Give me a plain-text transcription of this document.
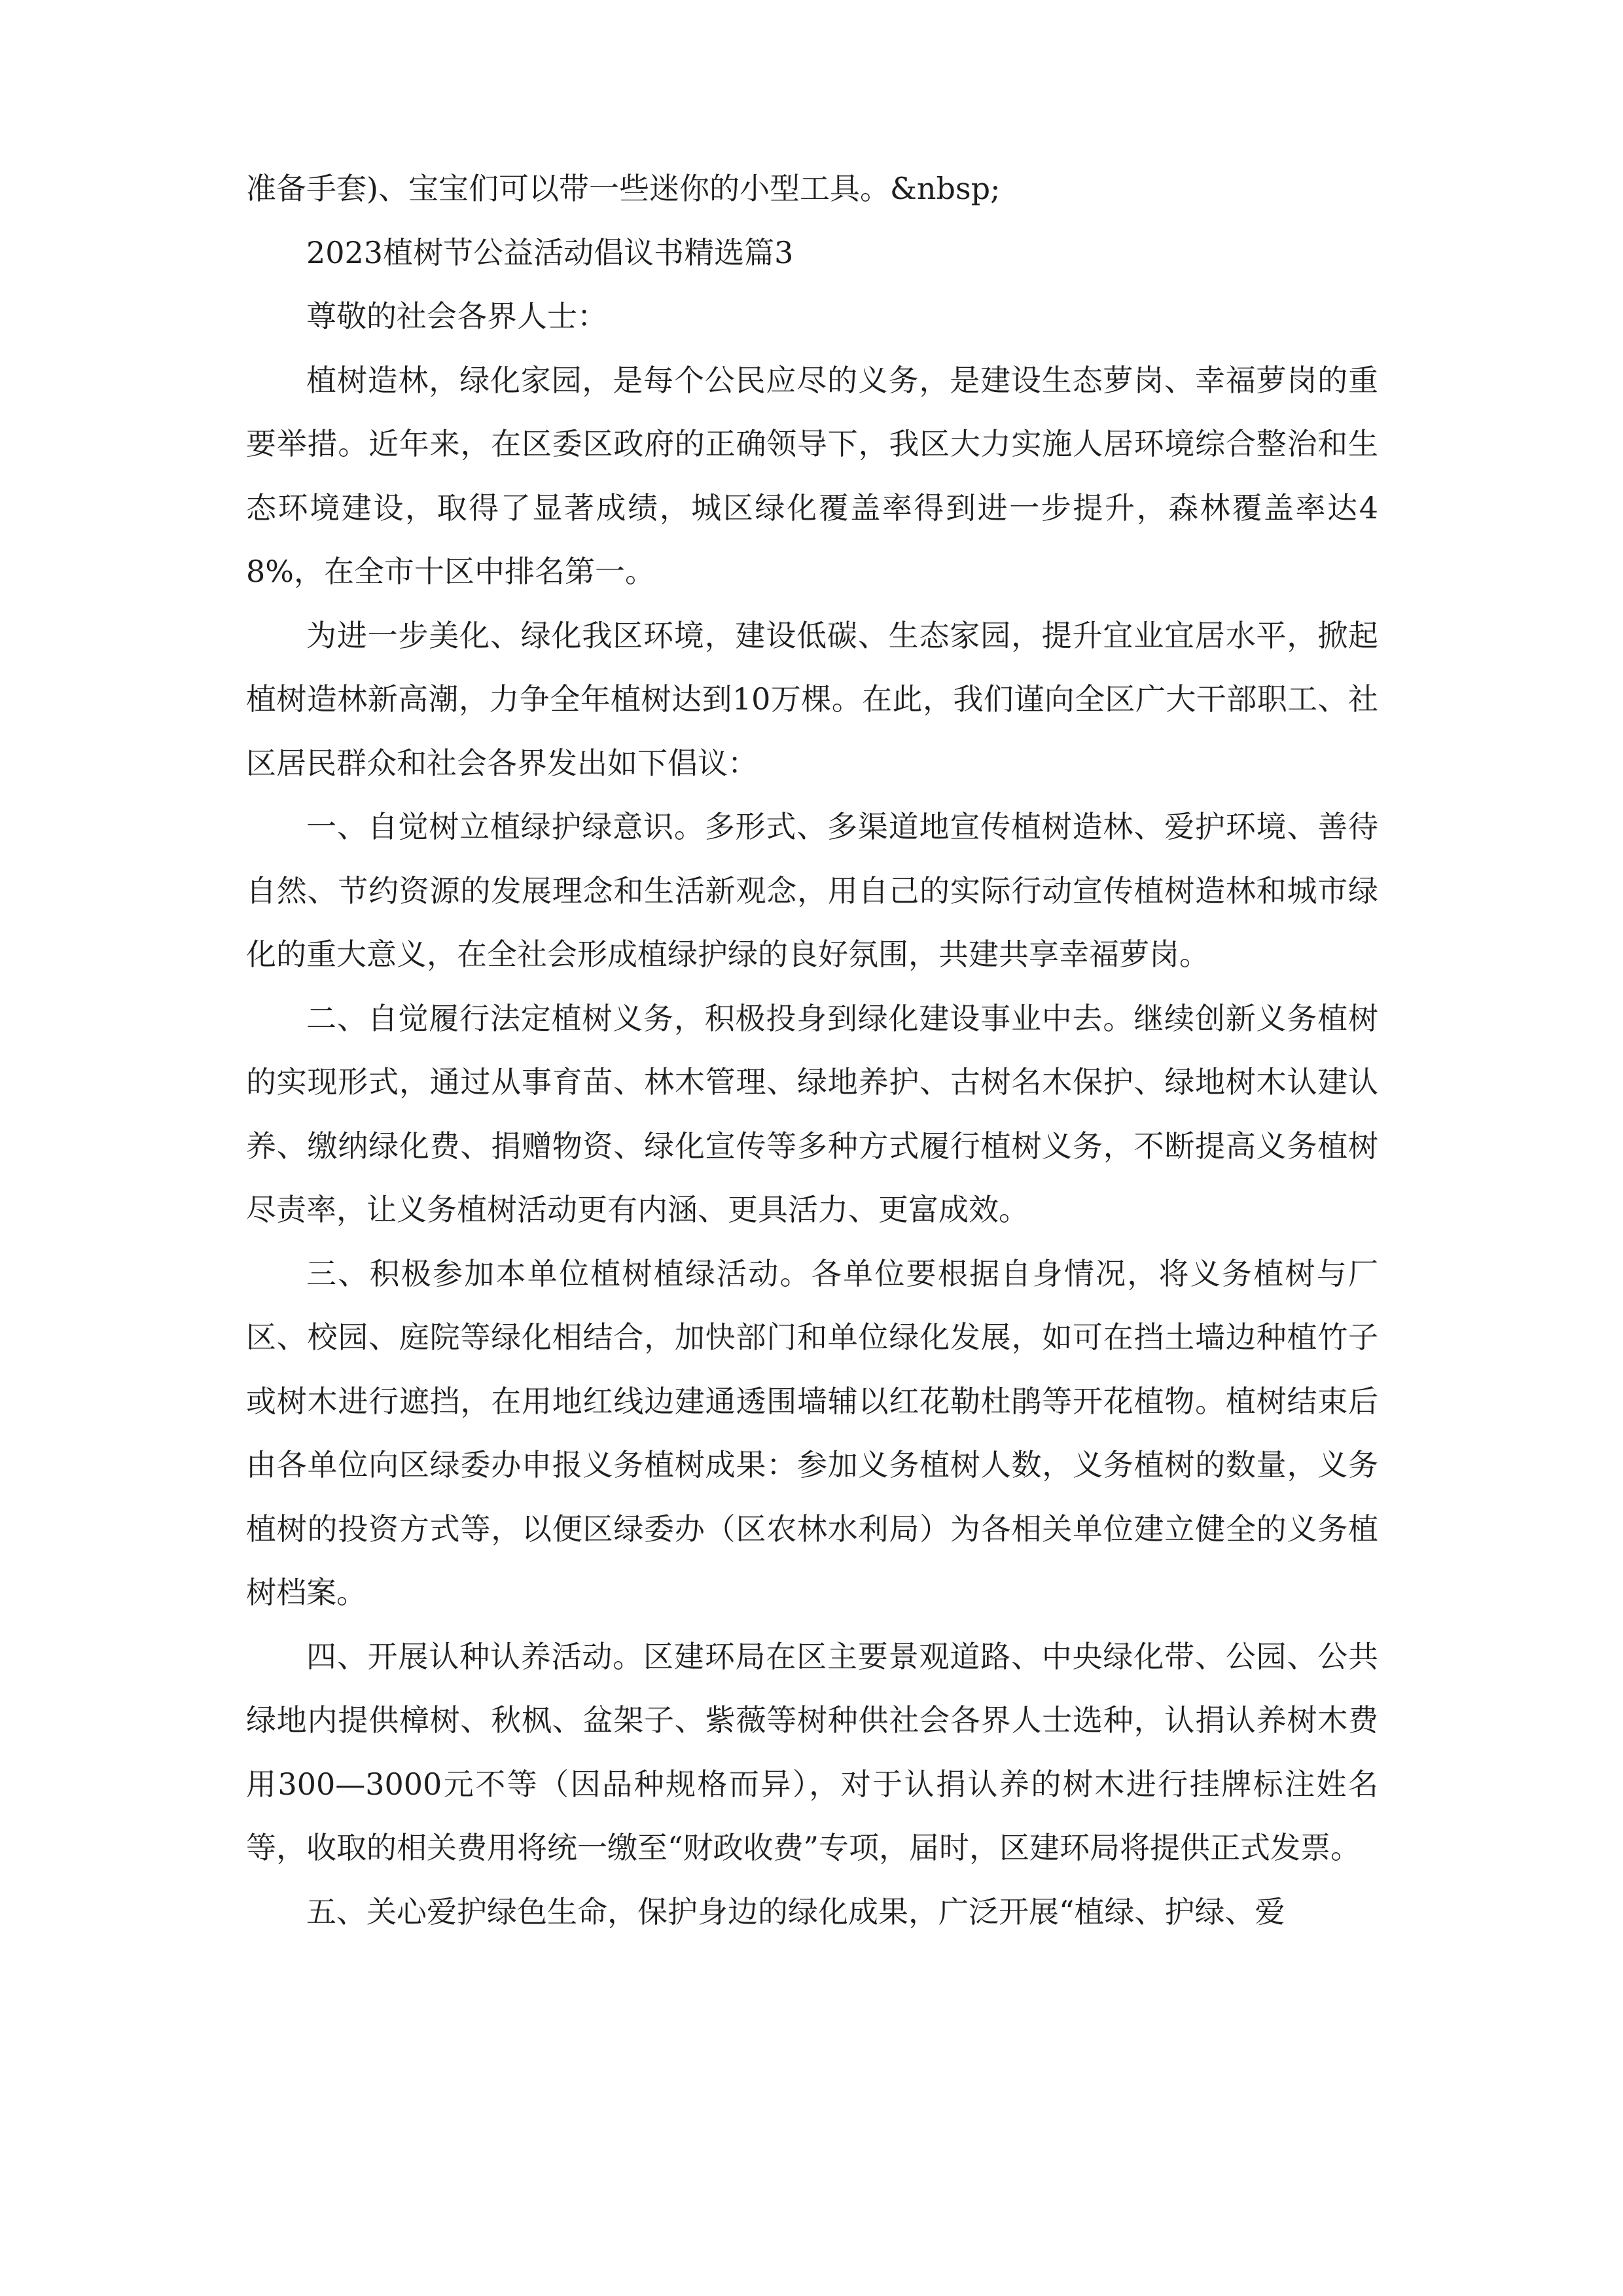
准备手套)、宝宝们可以带一些迷你的小型工具。&nbsp;

2023植树节公益活动倡议书精选篇3

尊敬的社会各界人士：

植树造林，绿化家园，是每个公民应尽的义务，是建设生态萝岗、幸福萝岗的重要举措。近年来，在区委区政府的正确领导下，我区大力实施人居环境综合整治和生态环境建设，取得了显著成绩，城区绿化覆盖率得到进一步提升，森林覆盖率达48%，在全市十区中排名第一。

为进一步美化、绿化我区环境，建设低碳、生态家园，提升宜业宜居水平，掀起植树造林新高潮，力争全年植树达到10万棵。在此，我们谨向全区广大干部职工、社区居民群众和社会各界发出如下倡议：

一、自觉树立植绿护绿意识。多形式、多渠道地宣传植树造林、爱护环境、善待自然、节约资源的发展理念和生活新观念，用自己的实际行动宣传植树造林和城市绿化的重大意义，在全社会形成植绿护绿的良好氛围，共建共享幸福萝岗。

二、自觉履行法定植树义务，积极投身到绿化建设事业中去。继续创新义务植树的实现形式，通过从事育苗、林木管理、绿地养护、古树名木保护、绿地树木认建认养、缴纳绿化费、捐赠物资、绿化宣传等多种方式履行植树义务，不断提高义务植树尽责率，让义务植树活动更有内涵、更具活力、更富成效。

三、积极参加本单位植树植绿活动。各单位要根据自身情况，将义务植树与厂区、校园、庭院等绿化相结合，加快部门和单位绿化发展，如可在挡土墙边种植竹子或树木进行遮挡，在用地红线边建通透围墙辅以红花勒杜鹃等开花植物。植树结束后由各单位向区绿委办申报义务植树成果：参加义务植树人数，义务植树的数量，义务植树的投资方式等，以便区绿委办（区农林水利局）为各相关单位建立健全的义务植树档案。

四、开展认种认养活动。区建环局在区主要景观道路、中央绿化带、公园、公共绿地内提供樟树、秋枫、盆架子、紫薇等树种供社会各界人士选种，认捐认养树木费用300—3000元不等（因品种规格而异），对于认捐认养的树木进行挂牌标注姓名等，收取的相关费用将统一缴至“财政收费”专项，届时，区建环局将提供正式发票。

五、关心爱护绿色生命，保护身边的绿化成果，广泛开展“植绿、护绿、爱
